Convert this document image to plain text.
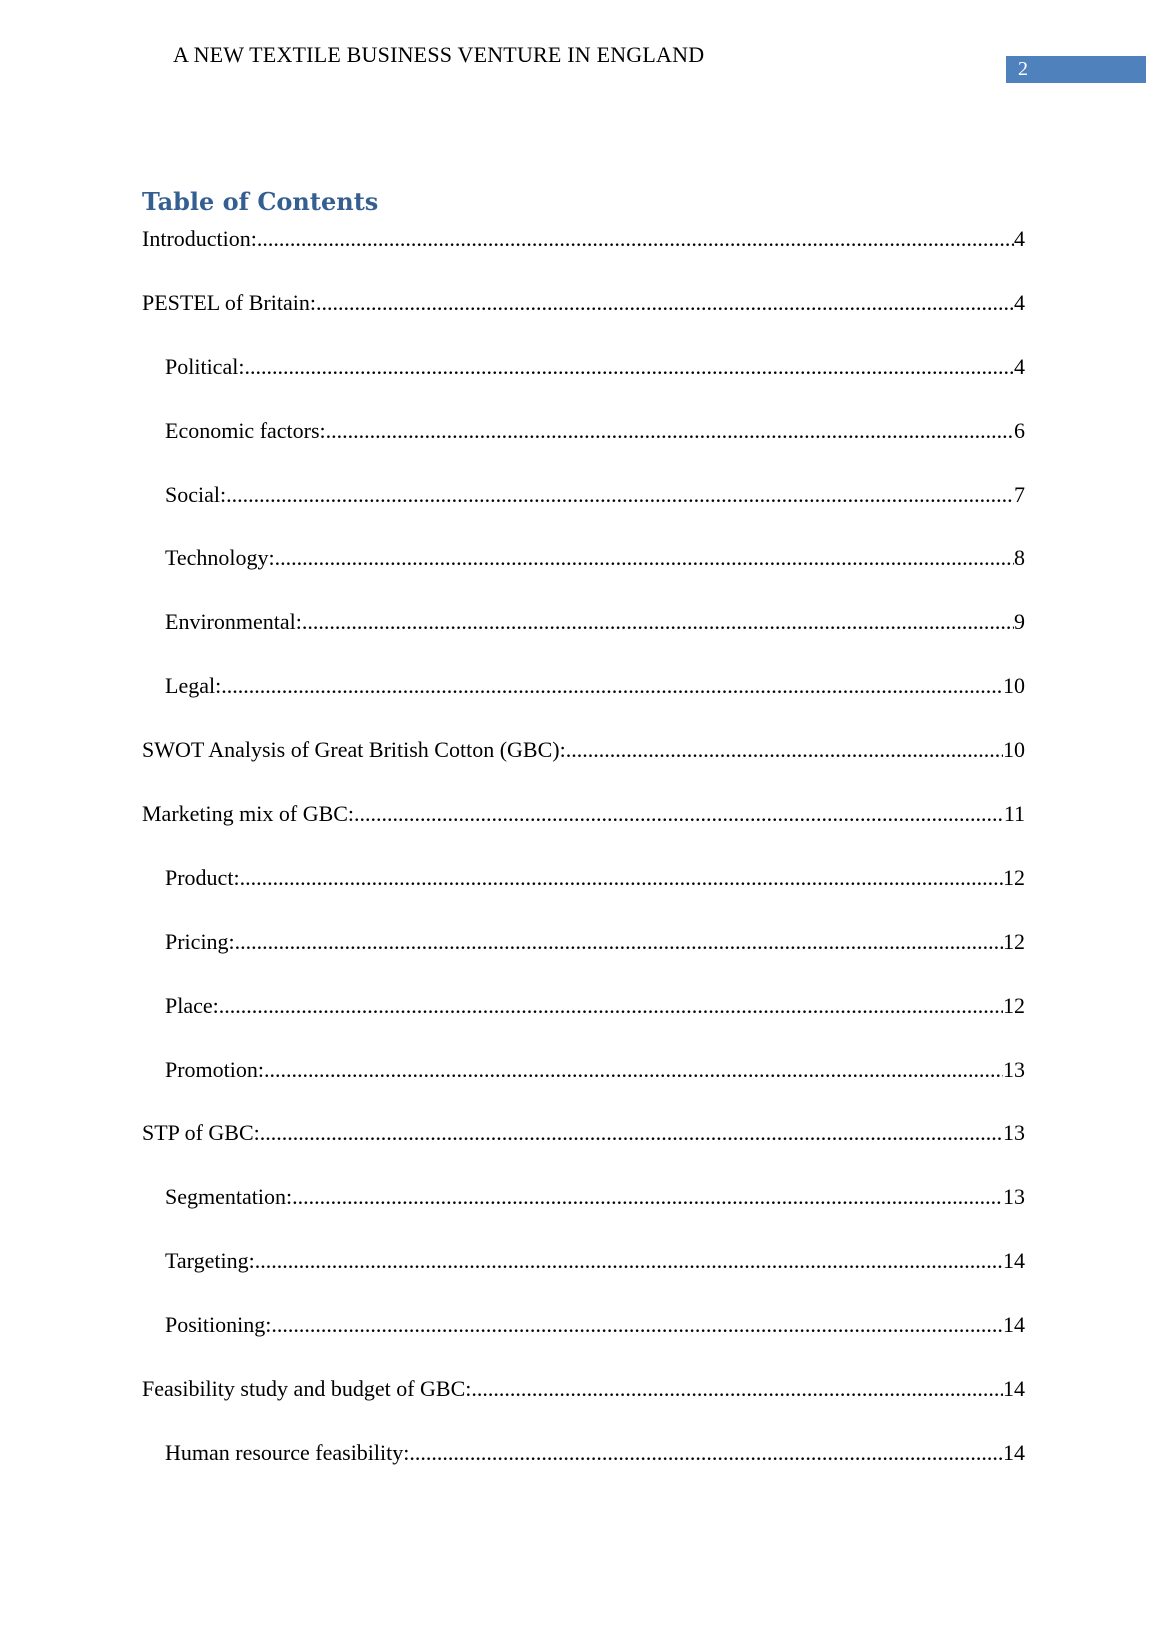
A NEW TEXTILE BUSINESS VENTURE IN ENGLAND
2
Table of Contents
Introduction: .....	4
PESTEL of Britain: .....	4
Political: .....	4
Economic factors: .....	6
Social: .....	7
Technology: .....	8
Environmental: .....	9
Legal: .....	10
SWOT Analysis of Great British Cotton (GBC): .....	10
Marketing mix of GBC: .....	11
Product: .....	12
Pricing: .....	12
Place: .....	12
Promotion: .....	13
STP of GBC: .....	13
Segmentation: .....	13
Targeting: .....	14
Positioning: .....	14
Feasibility study and budget of GBC: .....	14
Human resource feasibility: .....	14
